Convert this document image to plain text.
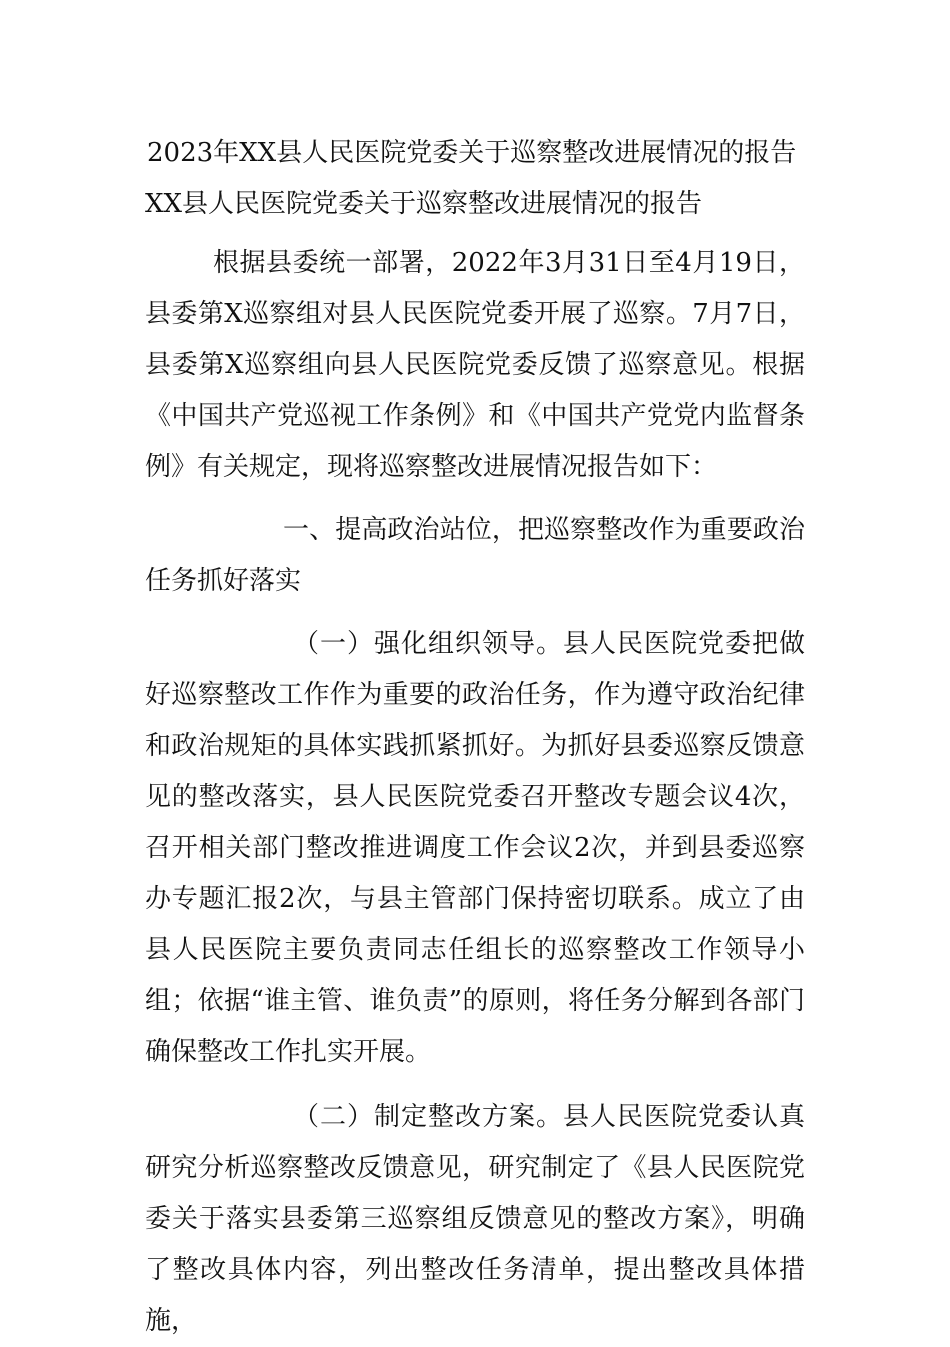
2023年XX县人民医院党委关于巡察整改进展情况的报告
XX县人民医院党委关于巡察整改进展情况的报告

根据县委统一部署，2022年3月31日至4月19日，县委第X巡察组对县人民医院党委开展了巡察。7月7日，县委第X巡察组向县人民医院党委反馈了巡察意见。根据《中国共产党巡视工作条例》和《中国共产党党内监督条例》有关规定，现将巡察整改进展情况报告如下：

一、提高政治站位，把巡察整改作为重要政治任务抓好落实

（一）强化组织领导。县人民医院党委把做好巡察整改工作作为重要的政治任务，作为遵守政治纪律和政治规矩的具体实践抓紧抓好。为抓好县委巡察反馈意见的整改落实，县人民医院党委召开整改专题会议4次，召开相关部门整改推进调度工作会议2次，并到县委巡察办专题汇报2次，与县主管部门保持密切联系。成立了由县人民医院主要负责同志任组长的巡察整改工作领导小组；依据“谁主管、谁负责”的原则，将任务分解到各部门确保整改工作扎实开展。

（二）制定整改方案。县人民医院党委认真研究分析巡察整改反馈意见，研究制定了《县人民医院党委关于落实县委第三巡察组反馈意见的整改方案》，明确了整改具体内容，列出整改任务清单，提出整改具体措施，
